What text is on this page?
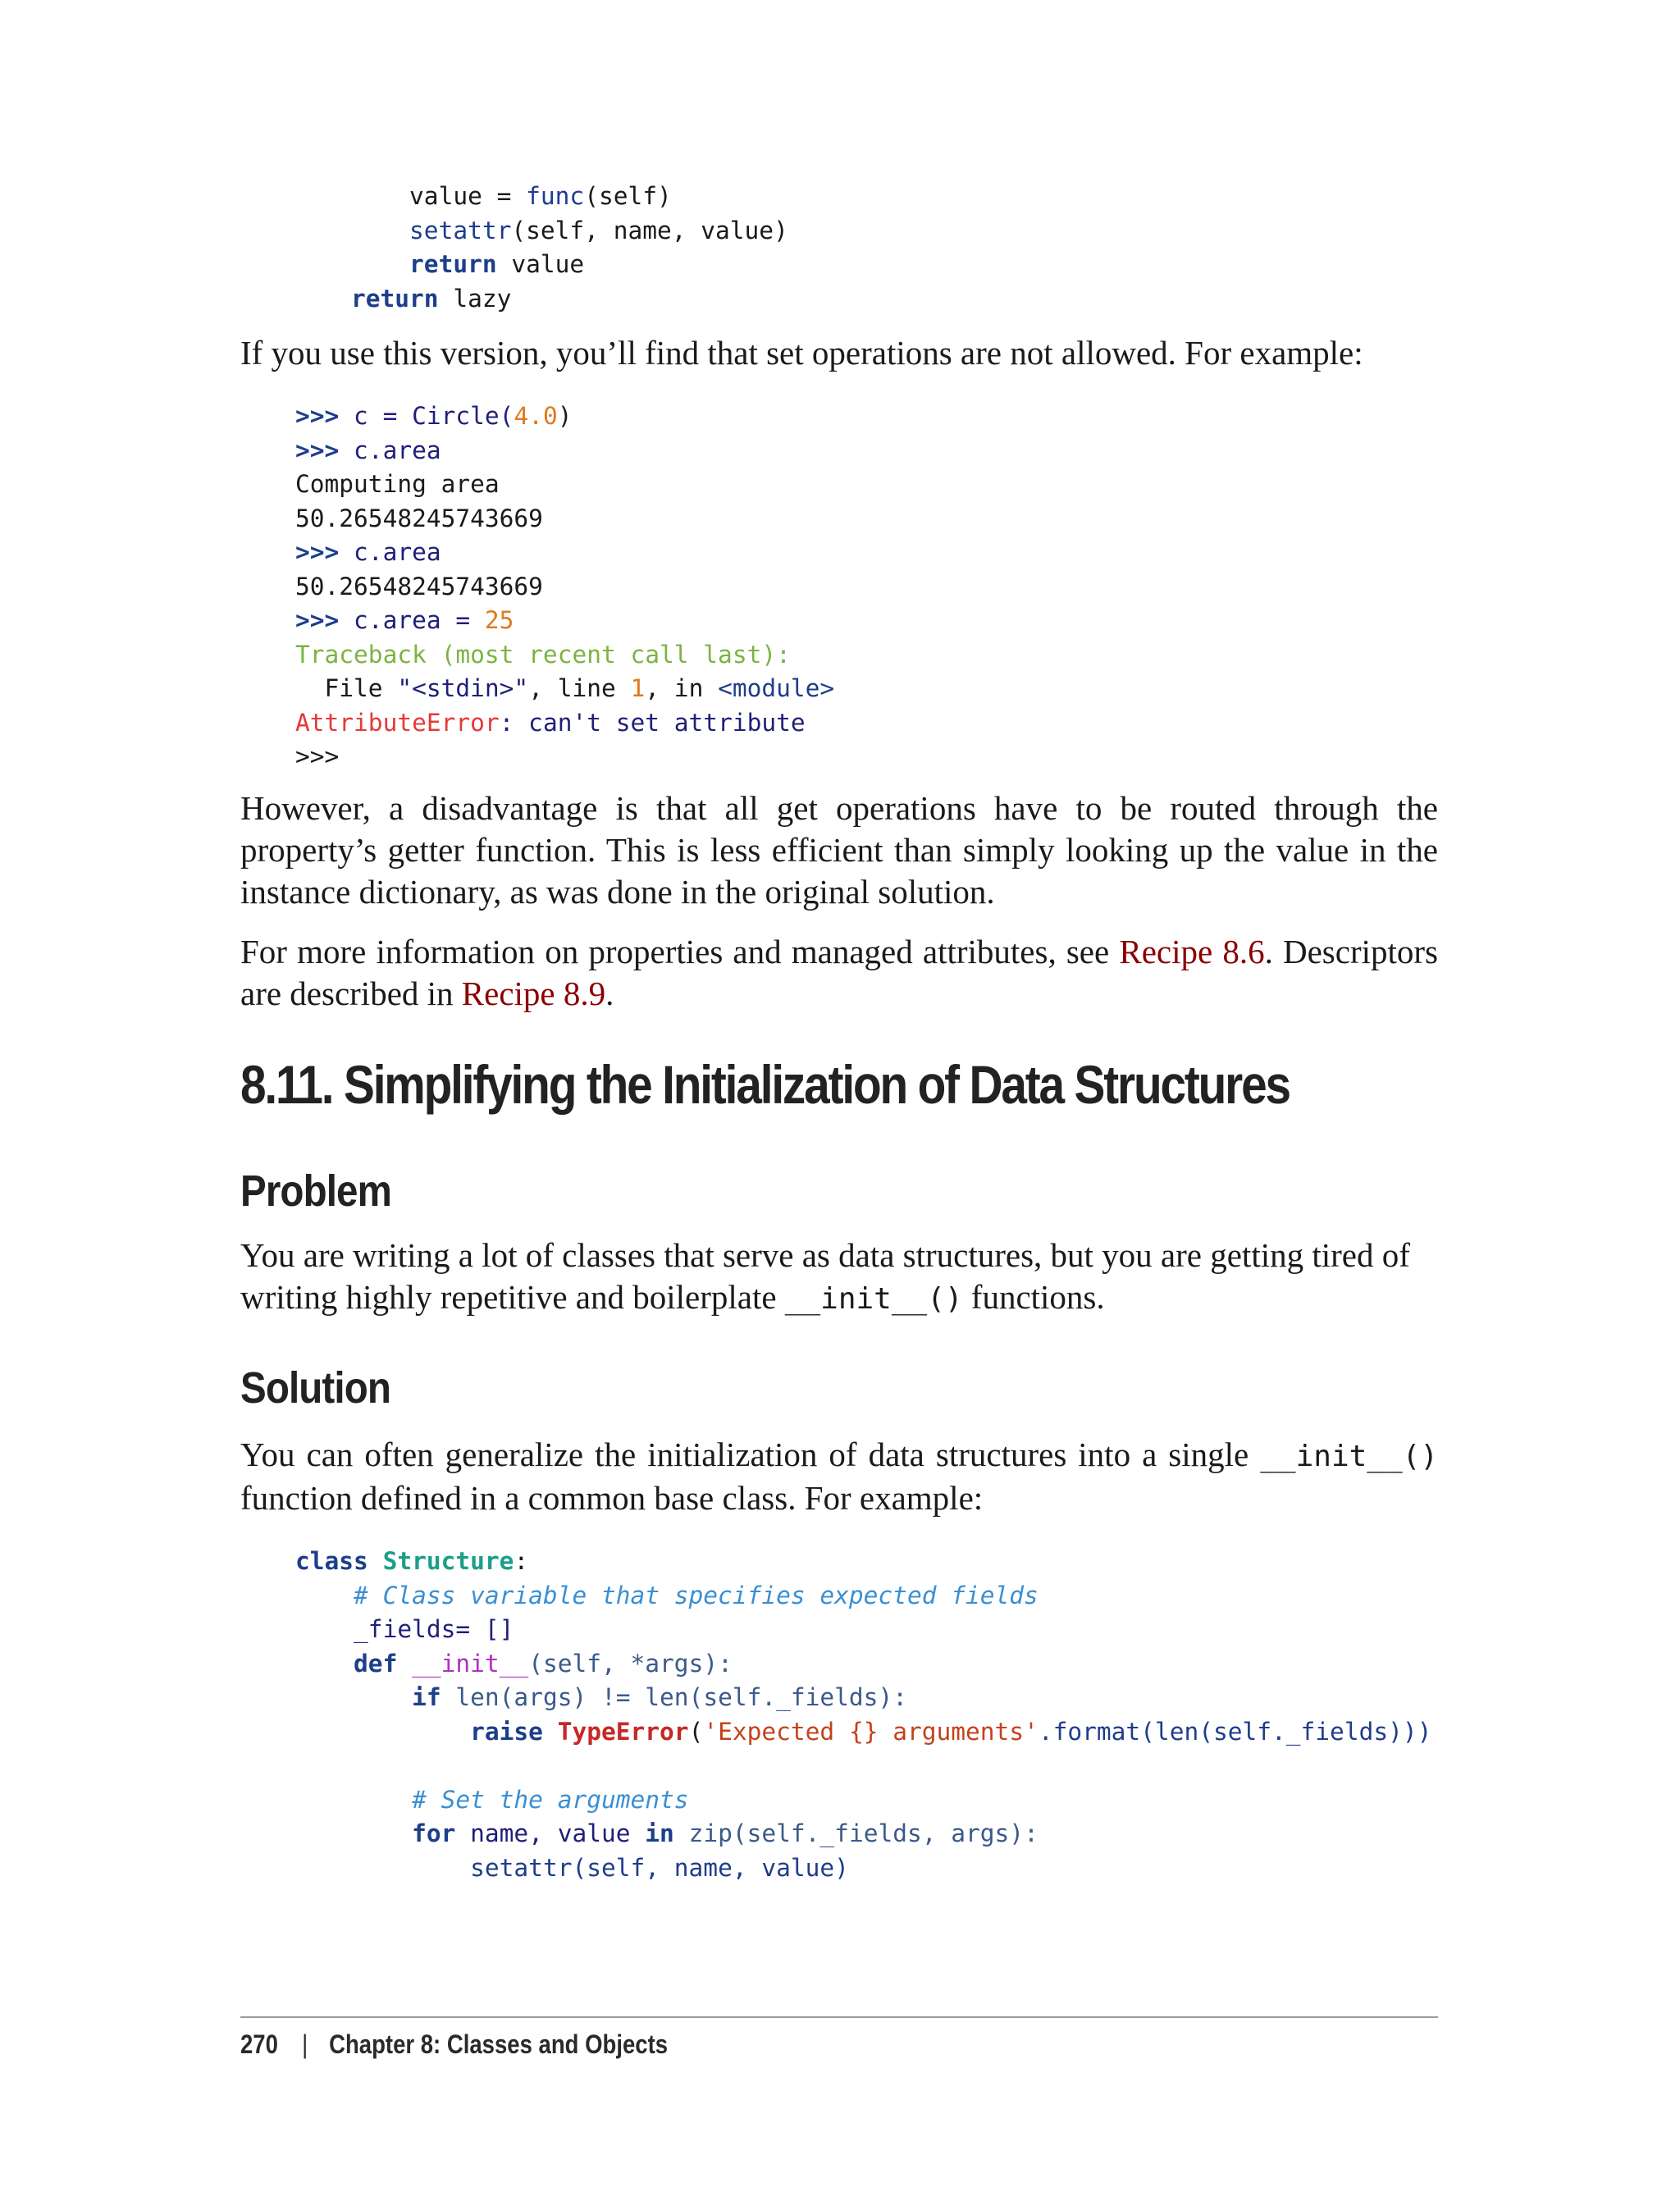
value = func(self)
setattr(self, name, value)
return value
return lazy

If you use this version, you’ll find that set operations are not allowed. For example:

>>> c = Circle(4.0)
>>> c.area
Computing area
50.26548245743669
>>> c.area
50.26548245743669
>>> c.area = 25
Traceback (most recent call last):
File "<stdin>", line 1, in <module>
AttributeError: can't set attribute
>>>

However, a disadvantage is that all get operations have to be routed through the property’s getter function. This is less efficient than simply looking up the value in the instance dictionary, as was done in the original solution.

For more information on properties and managed attributes, see Recipe 8.6. Descriptors are described in Recipe 8.9.

8.11. Simplifying the Initialization of Data Structures
Problem

You are writing a lot of classes that serve as data structures, but you are getting tired of writing highly repetitive and boilerplate __init__() functions.

Solution

You can often generalize the initialization of data structures into a single __init__() function defined in a common base class. For example:

class Structure:
# Class variable that specifies expected fields
_fields= []
def __init__(self, *args):
if len(args) != len(self._fields):
raise TypeError('Expected {} arguments'.format(len(self._fields)))

# Set the arguments
for name, value in zip(self._fields, args):
setattr(self, name, value)
270 | Chapter 8: Classes and Objects
